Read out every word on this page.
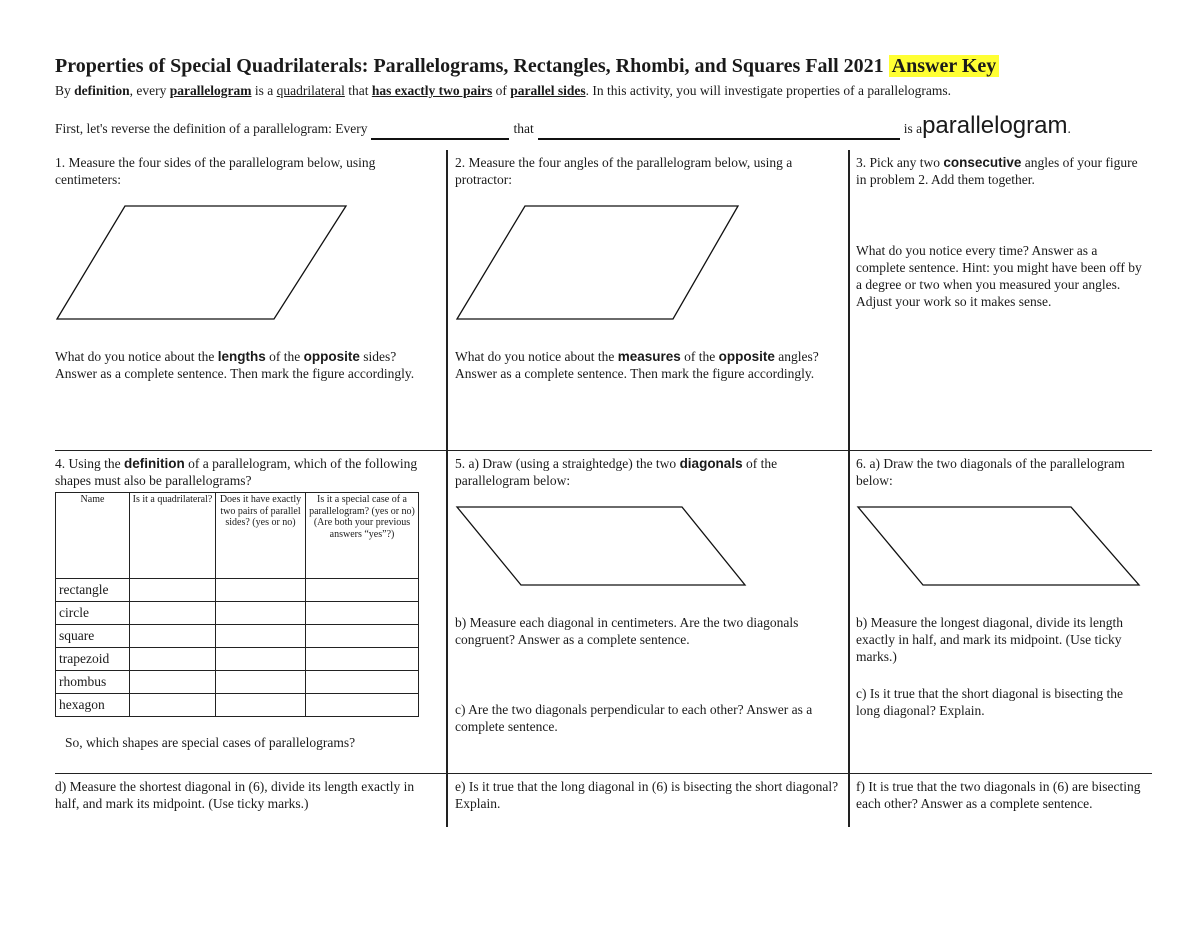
Properties of Special Quadrilaterals: Parallelograms, Rectangles, Rhombi, and Squares Fall 2021 Answer Key
By definition, every parallelogram is a quadrilateral that has exactly two pairs of parallel sides. In this activity, you will investigate properties of a parallelograms.
First, let's reverse the definition of a parallelogram: Every	that	is aparallelogram.
1. Measure the four sides of the parallelogram below, using centimeters:
What do you notice about the lengths of the opposite sides? Answer as a complete sentence. Then mark the figure accordingly.
2. Measure the four angles of the parallelogram below, using a protractor:
What do you notice about the measures of the opposite angles? Answer as a complete sentence. Then mark the figure accordingly.
3. Pick any two consecutive angles of your figure in problem 2. Add them together.
What do you notice every time? Answer as a complete sentence. Hint: you might have been off by a degree or two when you measured your angles. Adjust your work so it makes sense.
4. Using the definition of a parallelogram, which of the following shapes must also be parallelograms?
Name	Is it a quadrilateral?	Does it have exactly two pairs of parallel sides? (yes or no)	Is it a special case of a parallelogram? (yes or no) (Are both your previous answers “yes”?)
rectangle			
circle			
square			
trapezoid			
rhombus			
hexagon			
So, which shapes are special cases of parallelograms?
5. a) Draw (using a straightedge) the two diagonals of the parallelogram below:
b) Measure each diagonal in centimeters. Are the two diagonals congruent? Answer as a complete sentence.
c) Are the two diagonals perpendicular to each other? Answer as a complete sentence.
6. a) Draw the two diagonals of the parallelogram below:
b) Measure the longest diagonal, divide its length exactly in half, and mark its midpoint. (Use ticky marks.)
c) Is it true that the short diagonal is bisecting the long diagonal? Explain.
d) Measure the shortest diagonal in (6), divide its length exactly in half, and mark its midpoint. (Use ticky marks.)
e) Is it true that the long diagonal in (6) is bisecting the short diagonal? Explain.
f) It is true that the two diagonals in (6) are bisecting each other? Answer as a complete sentence.
